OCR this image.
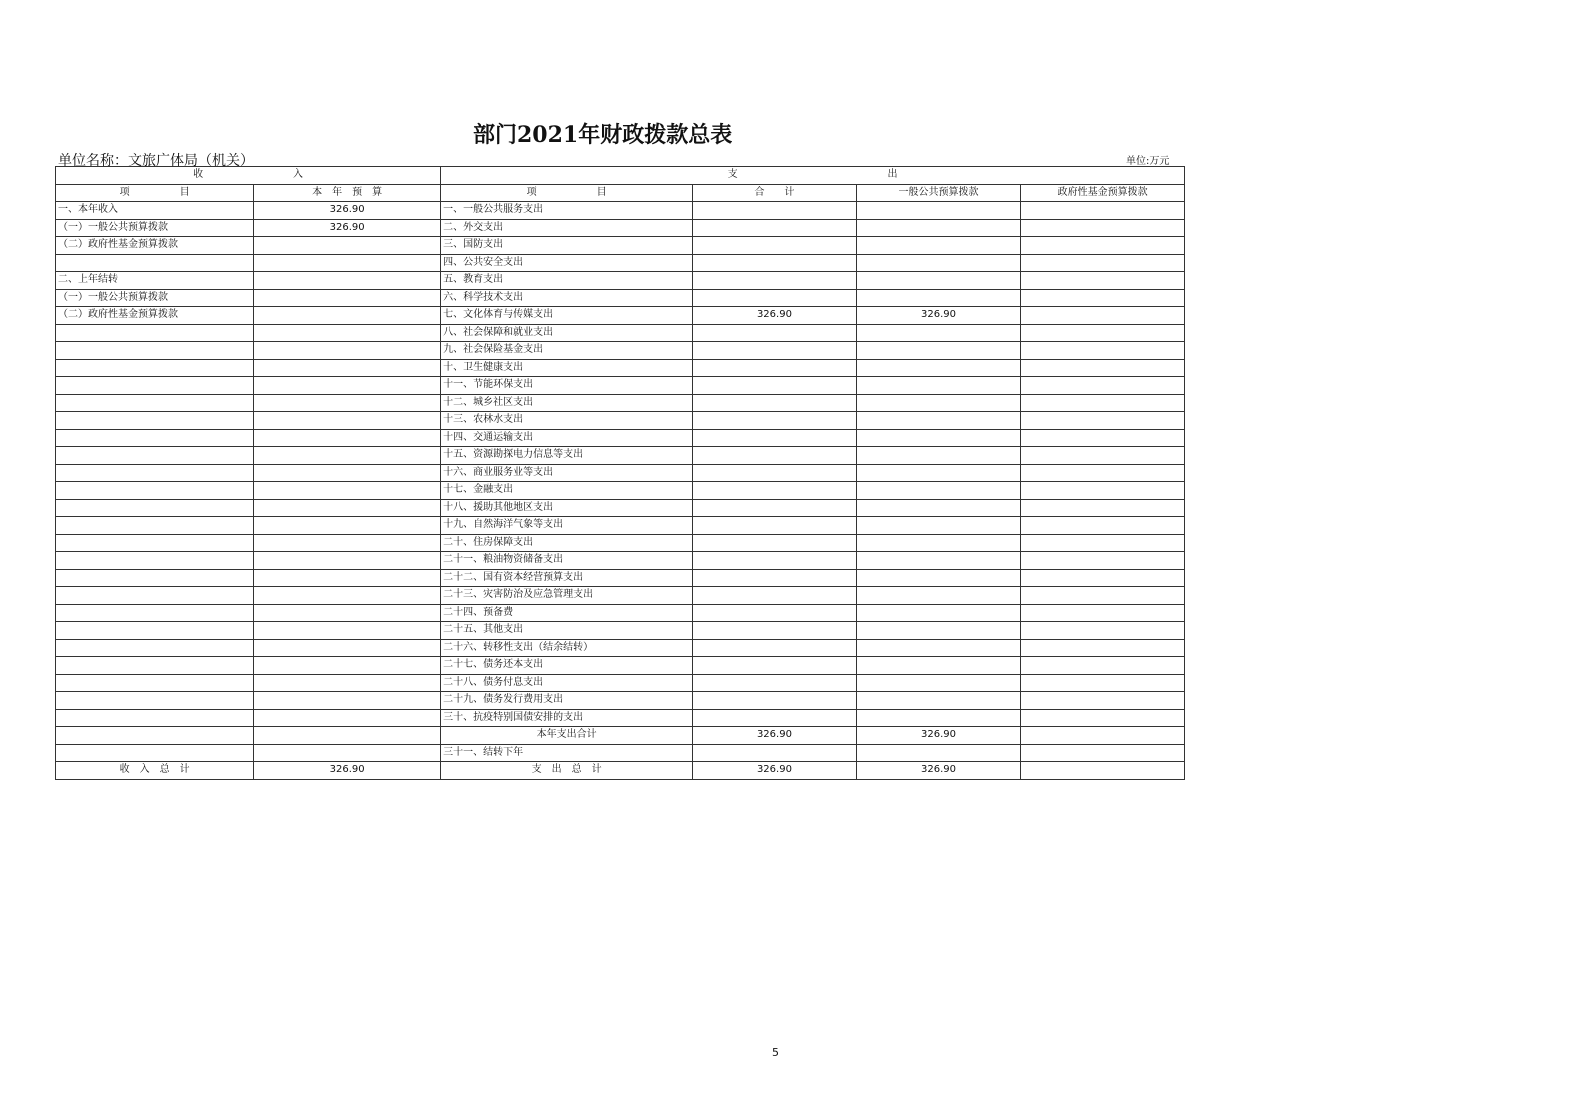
部门2021年财政拨款总表
单位名称：文旅广体局（机关）	单位:万元
收　　　　　　　　　入		支　　　　　　　　　　　　　　　出			
项　　　　　目	本　年　预　算	项　　　　　　目	合　　计	一般公共预算拨款	政府性基金预算拨款
一、本年收入	326.90	一、一般公共服务支出			
（一）一般公共预算拨款	326.90	二、外交支出			
（二）政府性基金预算拨款		三、国防支出			
		四、公共安全支出			
二、上年结转		五、教育支出			
（一）一般公共预算拨款		六、科学技术支出			
（二）政府性基金预算拨款		七、文化体育与传媒支出	326.90	326.90	
		八、社会保障和就业支出			
		九、社会保险基金支出			
		十、卫生健康支出			
		十一、节能环保支出			
		十二、城乡社区支出			
		十三、农林水支出			
		十四、交通运输支出			
		十五、资源勘探电力信息等支出			
		十六、商业服务业等支出			
		十七、金融支出			
		十八、援助其他地区支出			
		十九、自然海洋气象等支出			
		二十、住房保障支出			
		二十一、粮油物资储备支出			
		二十二、国有资本经营预算支出			
		二十三、灾害防治及应急管理支出			
		二十四、预备费			
		二十五、其他支出			
		二十六、转移性支出（结余结转）			
		二十七、债务还本支出			
		二十八、债务付息支出			
		二十九、债务发行费用支出			
		三十、抗疫特别国债安排的支出			
		本年支出合计	326.90	326.90	
		三十一、结转下年			
收　入　总　计	326.90	支　出　总　计	326.90	326.90	
5
